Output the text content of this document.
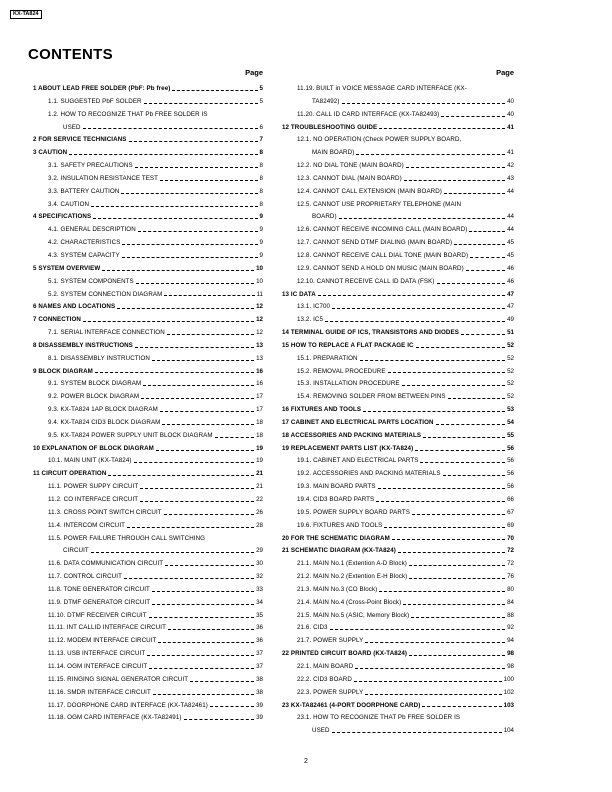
KX-TA824
CONTENTS
Page
1 ABOUT LEAD FREE SOLDER (PbF: Pb free)	5
1.1. SUGGESTED PbF SOLDER	5
1.2. HOW TO RECOGNIZE THAT Pb FREE SOLDER IS
USED	6
2 FOR SERVICE TECHNICIANS	7
3 CAUTION	8
3.1. SAFETY PRECAUTIONS	8
3.2. INSULATION RESISTANCE TEST	8
3.3. BATTERY CAUTION	8
3.4. CAUTION	8
4 SPECIFICATIONS	9
4.1. GENERAL DESCRIPTION	9
4.2. CHARACTERISTICS	9
4.3. SYSTEM CAPACITY	9
5 SYSTEM OVERVIEW	10
5.1. SYSTEM COMPONENTS	10
5.2. SYSTEM CONNECTION DIAGRAM	11
6 NAMES AND LOCATIONS	12
7 CONNECTION	12
7.1. SERIAL INTERFACE CONNECTION	12
8 DISASSEMBLY INSTRUCTIONS	13
8.1. DISASSEMBLY INSTRUCTION	13
9 BLOCK DIAGRAM	16
9.1. SYSTEM BLOCK DIAGRAM	16
9.2. POWER BLOCK DIAGRAM	17
9.3. KX-TA824 1AP BLOCK DIAGRAM	17
9.4. KX-TA824 CID3 BLOCK DIAGRAM	18
9.5. KX-TA824 POWER SUPPLY UNIT BLOCK DIAGRAM	18
10 EXPLANATION OF BLOCK DIAGRAM	19
10.1. MAIN UNIT (KX-TA824)	19
11 CIRCUIT OPERATION	21
11.1. POWER SUPPY CIRCUIT	21
11.2. CO INTERFACE CIRCUIT	22
11.3. CROSS POINT SWITCH CIRCUIT	26
11.4. INTERCOM CIRCUIT	28
11.5. POWER FAILURE THROUGH CALL SWITCHING
CIRCUIT	29
11.6. DATA COMMUNICATION CIRCUIT	30
11.7. CONTROL CIRCUIT	32
11.8. TONE GENERATOR CIRCUIT	33
11.9. DTMF GENERATOR CIRCUIT	34
11.10. DTMF RECEIVER CIRCUIT	35
11.11. INT CALLID INTERFACE CIRCUIT	36
11.12. MODEM INTERFACE CIRCUIT	36
11.13. USB INTERFACE CIRCUIT	37
11.14. OGM INTERFACE CIRCUIT	37
11.15. RINGING SIGNAL GENERATOR CIRCUIT	38
11.16. SMDR INTERFACE CIRCUIT	38
11.17. DOORPHONE CARD INTERFACE (KX-TA82461)	39
11.18. OGM CARD INTERFACE (KX-TA82491)	39
Page
11.19. BUILT in VOICE MESSAGE CARD INTERFACE (KX-
TA82492)	40
11.20. CALL ID CARD INTERFACE (KX-TA82493)	40
12 TROUBLESHOOTING GUIDE	41
12.1. NO OPERATION (Check POWER SUPPLY BOARD,
MAIN BOARD)	41
12.2. NO DIAL TONE (MAIN BOARD)	42
12.3. CANNOT DIAL (MAIN BOARD)	43
12.4. CANNOT CALL EXTENSION (MAIN BOARD)	44
12.5. CANNOT USE PROPRIETARY TELEPHONE (MAIN
BOARD)	44
12.6. CANNOT RECEIVE INCOMING CALL (MAIN BOARD)	44
12.7. CANNOT SEND DTMF DIALING (MAIN BOARD)	45
12.8. CANNOT RECEIVE CALL DIAL TONE (MAIN BOARD)	45
12.9. CANNOT SEND A HOLD ON MUSIC (MAIN BOARD)	46
12.10. CANNOT RECEIVE CALL ID DATA (FSK)	46
13 IC DATA	47
13.1. IC700	47
13.2. IC5	49
14 TERMINAL GUIDE OF ICS, TRANSISTORS AND DIODES	51
15 HOW TO REPLACE A FLAT PACKAGE IC	52
15.1. PREPARATION	52
15.2. REMOVAL PROCEDURE	52
15.3. INSTALLATION PROCEDURE	52
15.4. REMOVING SOLDER FROM BETWEEN PINS	52
16 FIXTURES AND TOOLS	53
17 CABINET AND ELECTRICAL PARTS LOCATION	54
18 ACCESSORIES AND PACKING MATERIALS	55
19 REPLACEMENT PARTS LIST (KX-TA824)	56
19.1. CABINET AND ELECTRICAL PARTS	56
19.2. ACCESSORIES AND PACKING MATERIALS	56
19.3. MAIN BOARD PARTS	56
19.4. CID3 BOARD PARTS	66
19.5. POWER SUPPLY BOARD PARTS	67
19.6. FIXTURES AND TOOLS	69
20 FOR THE SCHEMATIC DIAGRAM	70
21 SCHEMATIC DIAGRAM (KX-TA824)	72
21.1. MAIN No.1 (Extention A-D Block)	72
21.2. MAIN No.2 (Extention E-H Block)	76
21.3. MAIN No.3 (CO Block)	80
21.4. MAIN No.4 (Cross-Point Block)	84
21.5. MAIN No.5 (ASIC, Memory Block)	88
21.6. CID3	92
21.7. POWER SUPPLY	94
22 PRINTED CIRCUIT BOARD (KX-TA824)	98
22.1. MAIN BOARD	98
22.2. CID3 BOARD	100
22.3. POWER SUPPLY	102
23 KX-TA82461 (4-PORT DOORPHONE CARD)	103
23.1. HOW TO RECOGNIZE THAT Pb FREE SOLDER IS
USED	104
2
